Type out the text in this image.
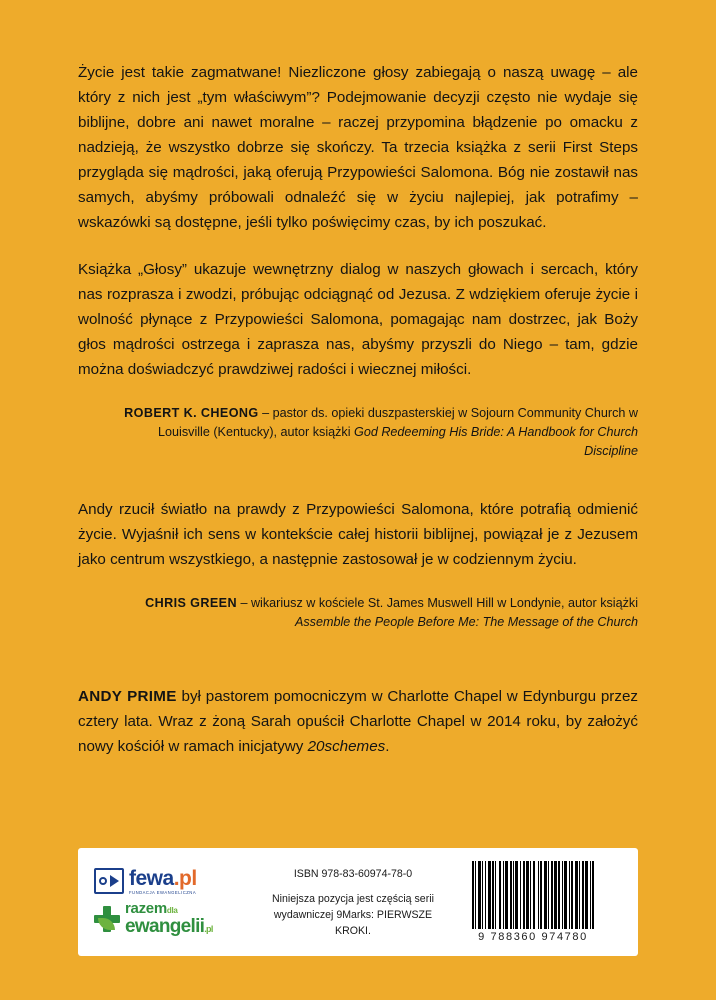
Życie jest takie zagmatwane! Niezliczone głosy zabiegają o naszą uwagę – ale który z nich jest „tym właściwym”? Podejmowanie decyzji często nie wydaje się biblijne, dobre ani nawet moralne – raczej przypomina błądzenie po omacku z nadzieją, że wszystko dobrze się skończy. Ta trzecia książka z serii First Steps przygląda się mądrości, jaką oferują Przypowieści Salomona. Bóg nie zostawił nas samych, abyśmy próbowali odnaleźć się w życiu najlepiej, jak potrafimy – wskazówki są dostępne, jeśli tylko poświęcimy czas, by ich poszukać.

Książka „Głosy” ukazuje wewnętrzny dialog w naszych głowach i sercach, który nas rozprasza i zwodzi, próbując odciągnąć od Jezusa. Z wdziękiem oferuje życie i wolność płynące z Przypowieści Salomona, pomagając nam dostrzec, jak Boży głos mądrości ostrzega i zaprasza nas, abyśmy przyszli do Niego – tam, gdzie można doświadczyć prawdziwej radości i wiecznej miłości.

ROBERT K. CHEONG – pastor ds. opieki duszpasterskiej w Sojourn Community Church w Louisville (Kentucky), autor książki God Redeeming His Bride: A Handbook for Church Discipline

Andy rzucił światło na prawdy z Przypowieści Salomona, które potrafią odmienić życie. Wyjaśnił ich sens w kontekście całej historii biblijnej, powiązał je z Jezusem jako centrum wszystkiego, a następnie zastosował je w codziennym życiu.

CHRIS GREEN – wikariusz w kościele St. James Muswell Hill w Londynie, autor książki Assemble the People Before Me: The Message of the Church

ANDY PRIME był pastorem pomocniczym w Charlotte Chapel w Edynburgu przez cztery lata. Wraz z żoną Sarah opuścił Charlotte Chapel w 2014 roku, by założyć nowy kościół w ramach inicjatywy 20schemes.

fewa.pl
FUNDACJA EWANGELICZNA
razemdla ewangelii.pl
ISBN 978-83-60974-78-0
Niniejsza pozycja jest częścią serii wydawniczej 9Marks: PIERWSZE KROKI.
9 788360 974780
